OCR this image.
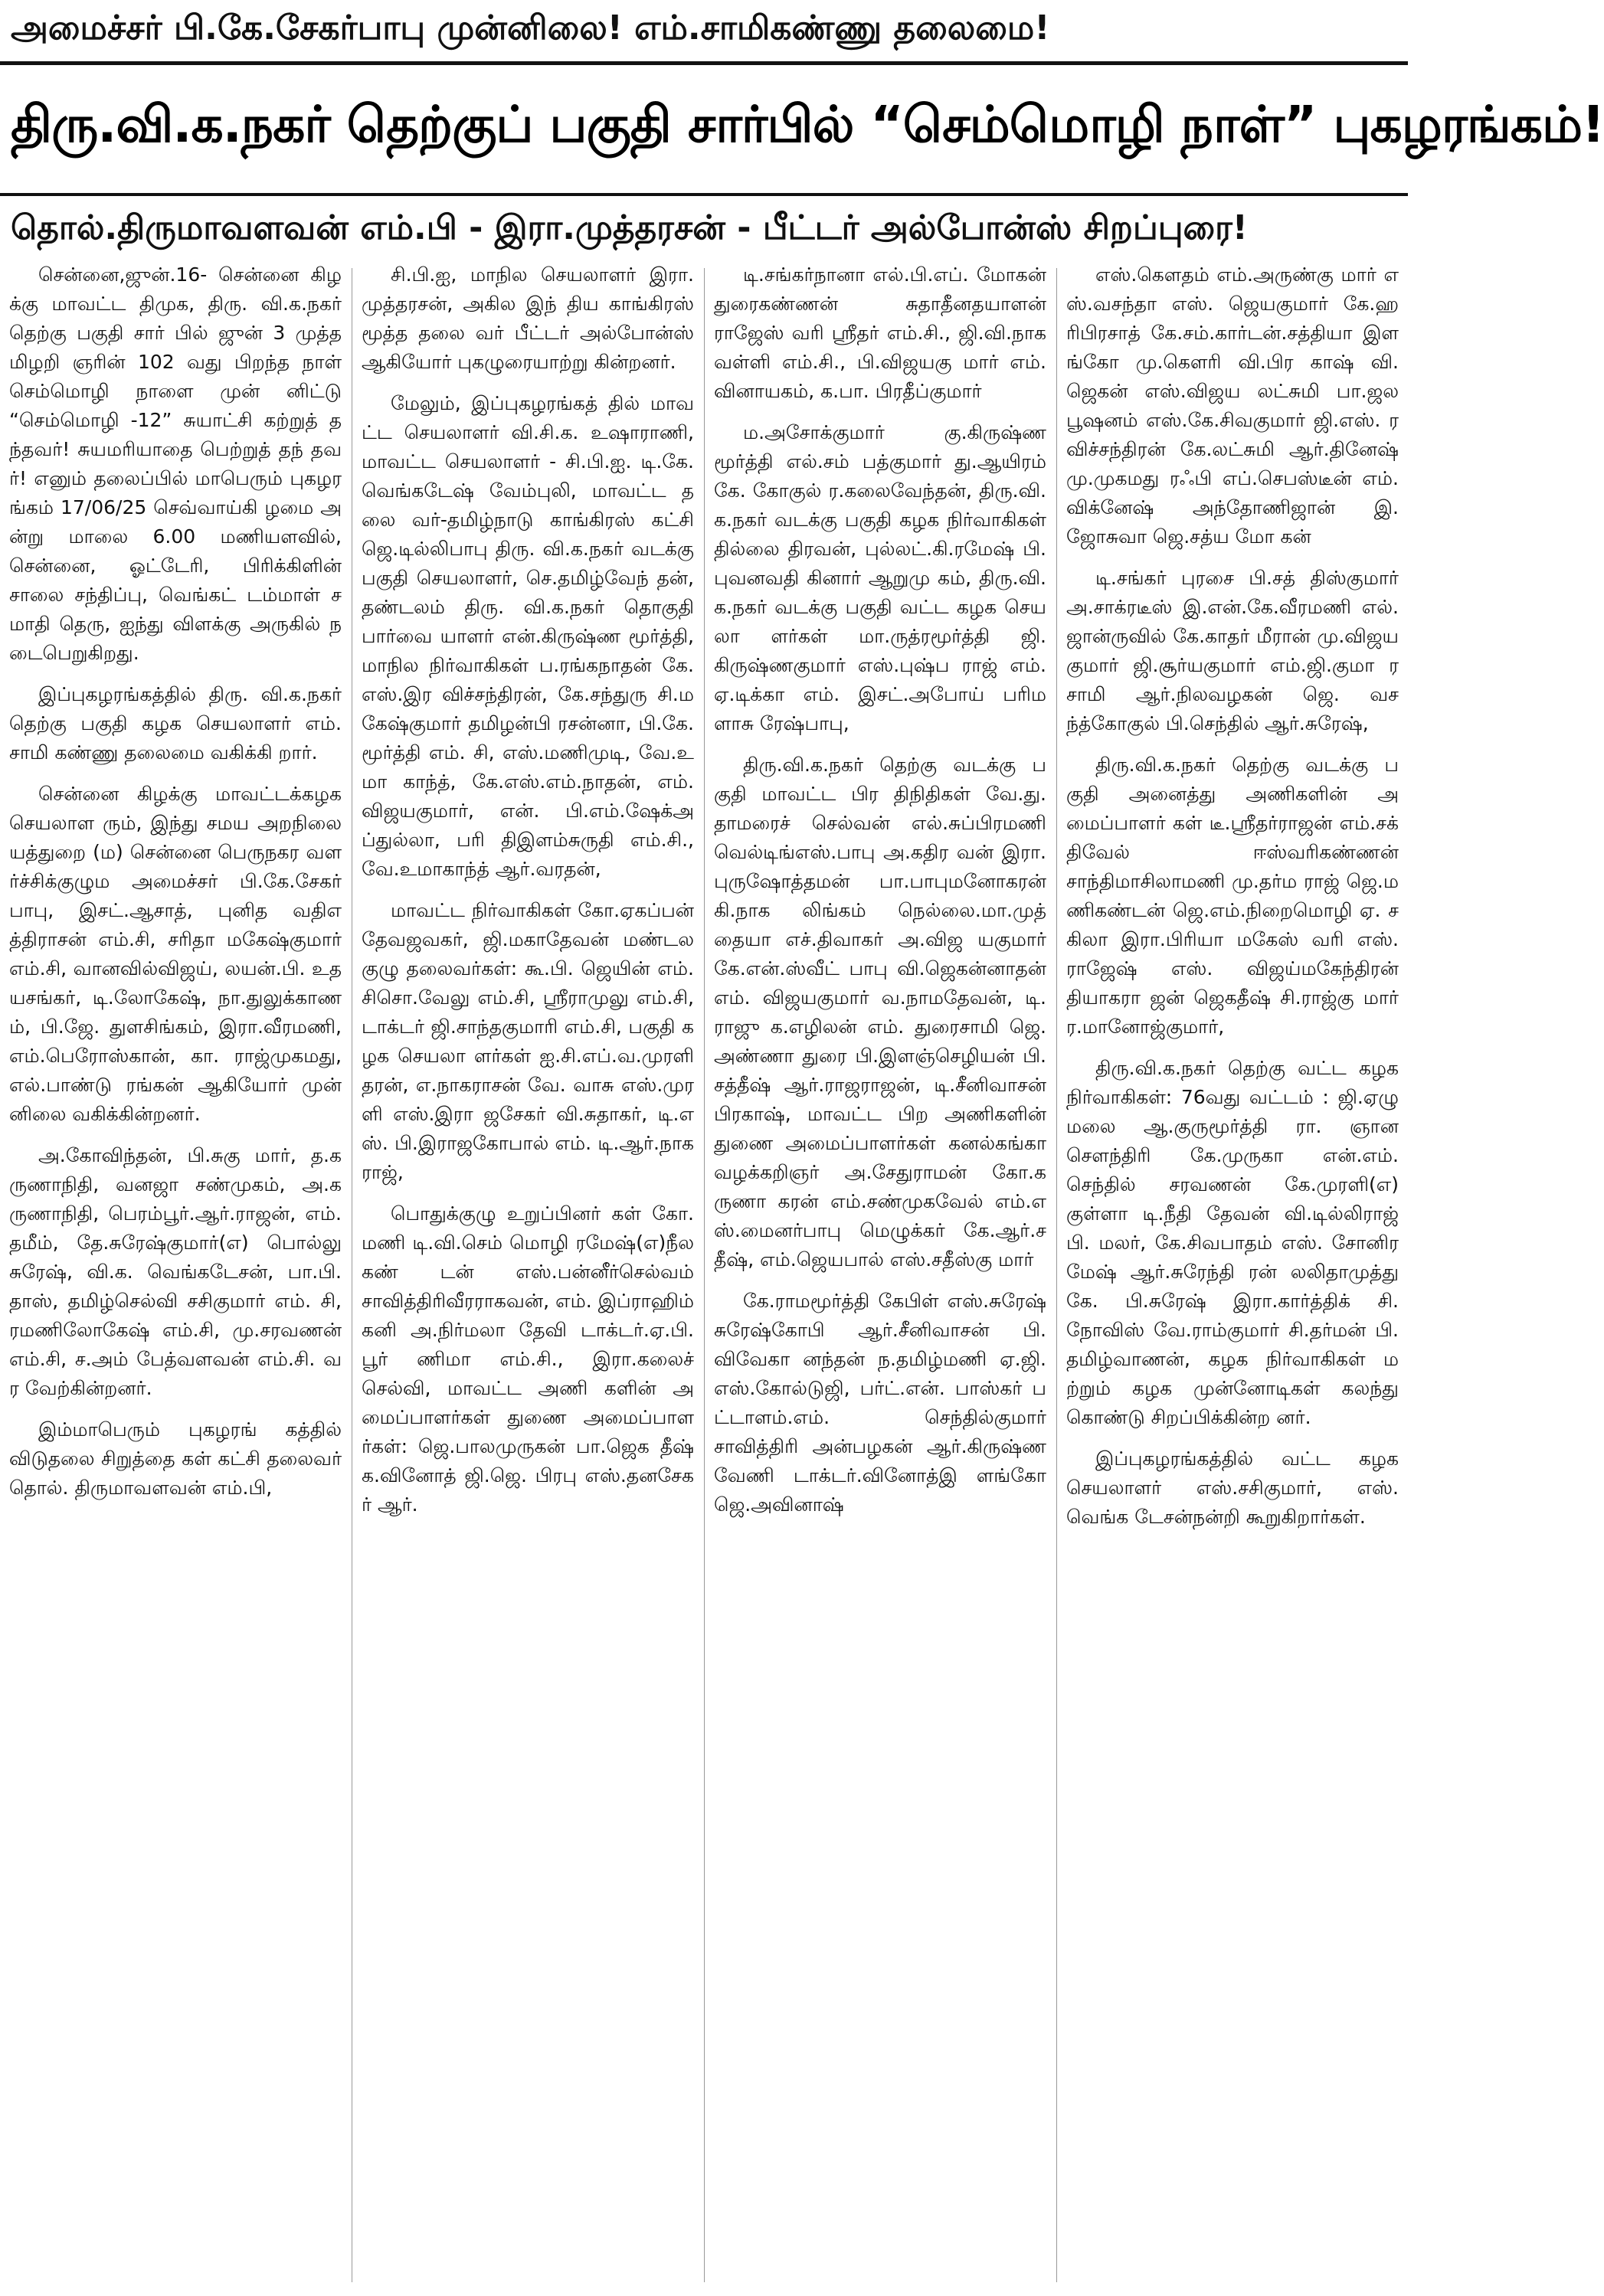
அமைச்சர் பி.கே.சேகர்பாபு முன்னிலை! எம்.சாமிகண்ணு தலைமை!
திரு.வி.க.நகர் தெற்குப் பகுதி சார்பில் “செம்மொழி நாள்” புகழரங்கம்!
தொல்.திருமாவளவன் எம்.பி - இரா.முத்தரசன் - பீட்டர் அல்போன்ஸ் சிறப்புரை!

சென்னை,ஜுன்.16- சென்னை கிழக்கு மாவட்ட திமுக, திரு. வி.க.நகர் தெற்கு பகுதி சார் பில் ஜுன் 3 முத்தமிழறி ஞரின் 102 வது பிறந்த நாள் செம்மொழி நாளை முன் னிட்டு “செம்மொழி -12” சுயாட்சி கற்றுத் தந்தவர்! சுயமரியாதை பெற்றுத் தந் தவர்! எனும் தலைப்பில் மாபெரும் புகழரங்கம் 17/06/25 செவ்வாய்கி ழமை அன்று மாலை 6.00 மணியளவில், சென்னை, ஓட்டேரி, பிரிக்கிளின் சாலை சந்திப்பு, வெங்கட் டம்மாள் சமாதி தெரு, ஐந்து விளக்கு அருகில் நடைபெறுகிறது.

இப்புகழரங்கத்தில் திரு. வி.க.நகர் தெற்கு பகுதி கழக செயலாளர் எம்.சாமி கண்ணு தலைமை வகிக்கி றார்.

சென்னை கிழக்கு மாவட்டக்கழக செயலாள ரும், இந்து சமய அறநிலை யத்துறை (ம) சென்னை பெருநகர வளர்ச்சிக்குழும அமைச்சர் பி.கே.சேகர் பாபு, இசட்.ஆசாத், புனித வதிஎத்திராசன் எம்.சி, சரிதா மகேஷ்குமார் எம்.சி, வானவில்விஜய், லயன்.பி. உதயசங்கர், டி.லோகேஷ், நா.துலுக்காணம், பி.ஜே. துளசிங்கம், இரா.வீரமணி, எம்.பெரோஸ்கான், கா. ராஜ்முகமது, எல்.பாண்டு ரங்கன் ஆகியோர் முன் னிலை வகிக்கின்றனர்.

அ.கோவிந்தன், பி.சுகு மார், த.கருணாநிதி, வனஜா சண்முகம், அ.கருணாநிதி, பெரம்பூர்.ஆர்.ராஜன், எம். தமீம், தே.சுரேஷ்குமார்(எ) பொல்லு சுரேஷ், வி.க. வெங்கடேசன், பா.பி.தாஸ், தமிழ்செல்வி சசிகுமார் எம். சி, ரமணிலோகேஷ் எம்.சி, மு.சரவணன் எம்.சி, ச.அம் பேத்வளவன் எம்.சி. வர வேற்கின்றனர்.

இம்மாபெரும் புகழரங் கத்தில் விடுதலை சிறுத்தை கள் கட்சி தலைவர் தொல். திருமாவளவன் எம்.பி,

சி.பி.ஐ, மாநில செயலாளர் இரா.முத்தரசன், அகில இந் திய காங்கிரஸ் மூத்த தலை வர் பீட்டர் அல்போன்ஸ் ஆகியோர் புகழுரையாற்று கின்றனர்.

மேலும், இப்புகழரங்கத் தில் மாவட்ட செயலாளர் வி.சி.க. உஷாராணி, மாவட்ட செயலாளர் - சி.பி.ஐ. டி.கே.வெங்கடேஷ் வேம்புலி, மாவட்ட தலை வர்-தமிழ்நாடு காங்கிரஸ் கட்சி ஜெ.டில்லிபாபு திரு. வி.க.நகர் வடக்கு பகுதி செயலாளர், செ.தமிழ்வேந் தன், தண்டலம் திரு. வி.க.நகர் தொகுதி பார்வை யாளர் என்.கிருஷ்ண மூர்த்தி, மாநில நிர்வாகிகள் ப.ரங்கநாதன் கே.எஸ்.இர விச்சந்திரன், கே.சந்துரு சி.மகேஷ்குமார் தமிழன்பி ரசன்னா, பி.கே.மூர்த்தி எம். சி, எஸ்.மணிமுடி, வே.உமா காந்த், கே.எஸ்.எம்.நாதன், எம்.விஜயகுமார், என். பி.எம்.ஷேக்அப்துல்லா, பரி திஇளம்சுருதி எம்.சி., வே.உமாகாந்த் ஆர்.வரதன்,

மாவட்ட நிர்வாகிகள் கோ.ஏகப்பன் தேவஜவகர், ஜி.மகாதேவன் மண்டல குழு தலைவர்கள்: கூ.பி. ஜெயின் எம்.சிசொ.வேலு எம்.சி, ஸ்ரீராமுலு எம்.சி, டாக்டர் ஜி.சாந்தகுமாரி எம்.சி, பகுதி கழக செயலா ளர்கள் ஐ.சி.எப்.வ.முரளி தரன், எ.நாகராசன் வே. வாசு எஸ்.முரளி எஸ்.இரா ஜசேகர் வி.சுதாகர், டி.எஸ். பி.இராஜகோபால் எம். டி.ஆர்.நாகராஜ்,

பொதுக்குழு உறுப்பினர் கள் கோ.மணி டி.வி.செம் மொழி ரமேஷ்(எ)நீலகண் டன் எஸ்.பன்னீர்செல்வம் சாவித்திரிவீரராகவன், எம். இப்ராஹிம் கனி அ.நிர்மலா தேவி டாக்டர்.ஏ.பி.பூர் ணிமா எம்.சி., இரா.கலைச் செல்வி, மாவட்ட அணி களின் அமைப்பாளர்கள் துணை அமைப்பாளர்கள்: ஜெ.பாலமுருகன் பா.ஜெக தீஷ் க.வினோத் ஜி.ஜெ. பிரபு எஸ்.தனசேகர் ஆர்.

டி.சங்கர்நானா எல்.பி.எப். மோகன் துரைகண்ணன் சுதாதீனதயாளன் ராஜேஸ் வரி ஸ்ரீதர் எம்.சி., ஜி.வி.நாக வள்ளி எம்.சி., பி.விஜயகு மார் எம்.வினாயகம், க.பா. பிரதீப்குமார்

ம.அசோக்குமார் கு.கிருஷ்ணமூர்த்தி எல்.சம் பத்குமார் து.ஆயிரம் கே. கோகுல் ர.கலைவேந்தன், திரு.வி.க.நகர் வடக்கு பகுதி கழக நிர்வாகிகள் தில்லை திரவன், புல்லட்.கி.ரமேஷ் பி.புவனவதி கினார் ஆறுமு கம், திரு.வி.க.நகர் வடக்கு பகுதி வட்ட கழக செயலா ளர்கள் மா.ருத்ரமூர்த்தி ஜி. கிருஷ்ணகுமார் எஸ்.புஷ்ப ராஜ் எம்.ஏ.டிக்கா எம். இசட்.அபோய் பரிமளாசு ரேஷ்பாபு,

திரு.வி.க.நகர் தெற்கு வடக்கு பகுதி மாவட்ட பிர திநிதிகள் வே.து.தாமரைச் செல்வன் எல்.சுப்பிரமணி வெல்டிங்எஸ்.பாபு அ.கதிர வன் இரா.புருஷோத்தமன் பா.பாபுமனோகரன் கி.நாக லிங்கம் நெல்லை.மா.முத் தையா எச்.திவாகர் அ.விஜ யகுமார் கே.என்.ஸ்வீட் பாபு வி.ஜெகன்னாதன் எம். விஜயகுமார் வ.நாமதேவன், டி.ராஜு க.எழிலன் எம். துரைசாமி ஜெ.அண்ணா துரை பி.இளஞ்செழியன் பி.சத்தீஷ் ஆர்.ராஜராஜன், டி.சீனிவாசன் பிரகாஷ், மாவட்ட பிற அணிகளின் துணை அமைப்பாளர்கள் கனல்கங்கா வழக்கறிஞர் அ.சேதுராமன் கோ.கருணா கரன் எம்.சண்முகவேல் எம்.எஸ்.மைனர்பாபு மெழுக்கர் கே.ஆர்.சதீஷ், எம்.ஜெயபால் எஸ்.சதீஸ்கு மார்

கே.ராமமூர்த்தி கேபிள் எஸ்.சுரேஷ் சுரேஷ்கோபி ஆர்.சீனிவாசன் பி.விவேகா னந்தன் ந.தமிழ்மணி ஏ.ஜி. எஸ்.கோல்டுஜி, பர்ட்.என். பாஸ்கர் பட்டாளம்.எம். செந்தில்குமார் சாவித்திரி அன்பழகன் ஆர்.கிருஷ்ண வேணி டாக்டர்.வினோத்இ ளங்கோ ஜெ.அவினாஷ்

எஸ்.கௌதம் எம்.அருண்கு மார் எஸ்.வசந்தா எஸ். ஜெயகுமார் கே.ஹரிபிரசாத் கே.சம்.கார்டன்.சத்தியா இளங்கோ மு.கௌரி வி.பிர காஷ் வி.ஜெகன் எஸ்.விஜய லட்சுமி பா.ஜலபூஷனம் எஸ்.கே.சிவகுமார் ஜி.எஸ். ரவிச்சந்திரன் கே.லட்சுமி ஆர்.தினேஷ் மு.முகமது ரஃபி எப்.செபஸ்டீன் எம். விக்னேஷ் அந்தோணிஜான் இ.ஜோசுவா ஜெ.சத்ய மோ கன்

டி.சங்கர் புரசை பி.சத் திஸ்குமார் அ.சாக்ரடீஸ் இ.என்.கே.வீரமணி எல். ஜான்ருவில் கே.காதர் மீரான் மு.விஜயகுமார் ஜி.சூர்யகுமார் எம்.ஜி.குமா ரசாமி ஆர்.நிலவழகன் ஜெ. வசந்த்கோகுல் பி.செந்தில் ஆர்.சுரேஷ்,

திரு.வி.க.நகர் தெற்கு வடக்கு பகுதி அனைத்து அணிகளின் அமைப்பாளர் கள் டீ.ஸ்ரீதர்ராஜன் எம்.சக் திவேல் ஈஸ்வரிகண்ணன் சாந்திமாசிலாமணி மு.தர்ம ராஜ் ஜெ.மணிகண்டன் ஜெ.எம்.நிறைமொழி ஏ. சகிலா இரா.பிரியா மகேஸ் வரி எஸ்.ராஜேஷ் எஸ். விஜய்மகேந்திரன் தியாகரா ஜன் ஜெகதீஷ் சி.ராஜ்கு மார் ர.மானோஜ்குமார்,

திரு.வி.க.நகர் தெற்கு வட்ட கழக நிர்வாகிகள்: 76வது வட்டம் : ஜி.ஏழு மலை ஆ.குருமூர்த்தி ரா. ஞானசௌந்திரி கே.முருகா என்.எம்.செந்தில் சரவணன் கே.முரளி(எ)குள்ளா டி.நீதி தேவன் வி.டில்லிராஜ் பி. மலர், கே.சிவபாதம் எஸ். சோனிரமேஷ் ஆர்.சுரேந்தி ரன் லலிதாமுத்து கே. பி.சுரேஷ் இரா.கார்த்திக் சி.நோவிஸ் வே.ராம்குமார் சி.தர்மன் பி.தமிழ்வாணன், கழக நிர்வாகிகள் மற்றும் கழக முன்னோடிகள் கலந்து கொண்டு சிறப்பிக்கின்ற னர்.

இப்புகழரங்கத்தில் வட்ட கழக செயலாளர் எஸ்.சசிகுமார், எஸ்.வெங்க டேசன்நன்றி கூறுகிறார்கள்.
